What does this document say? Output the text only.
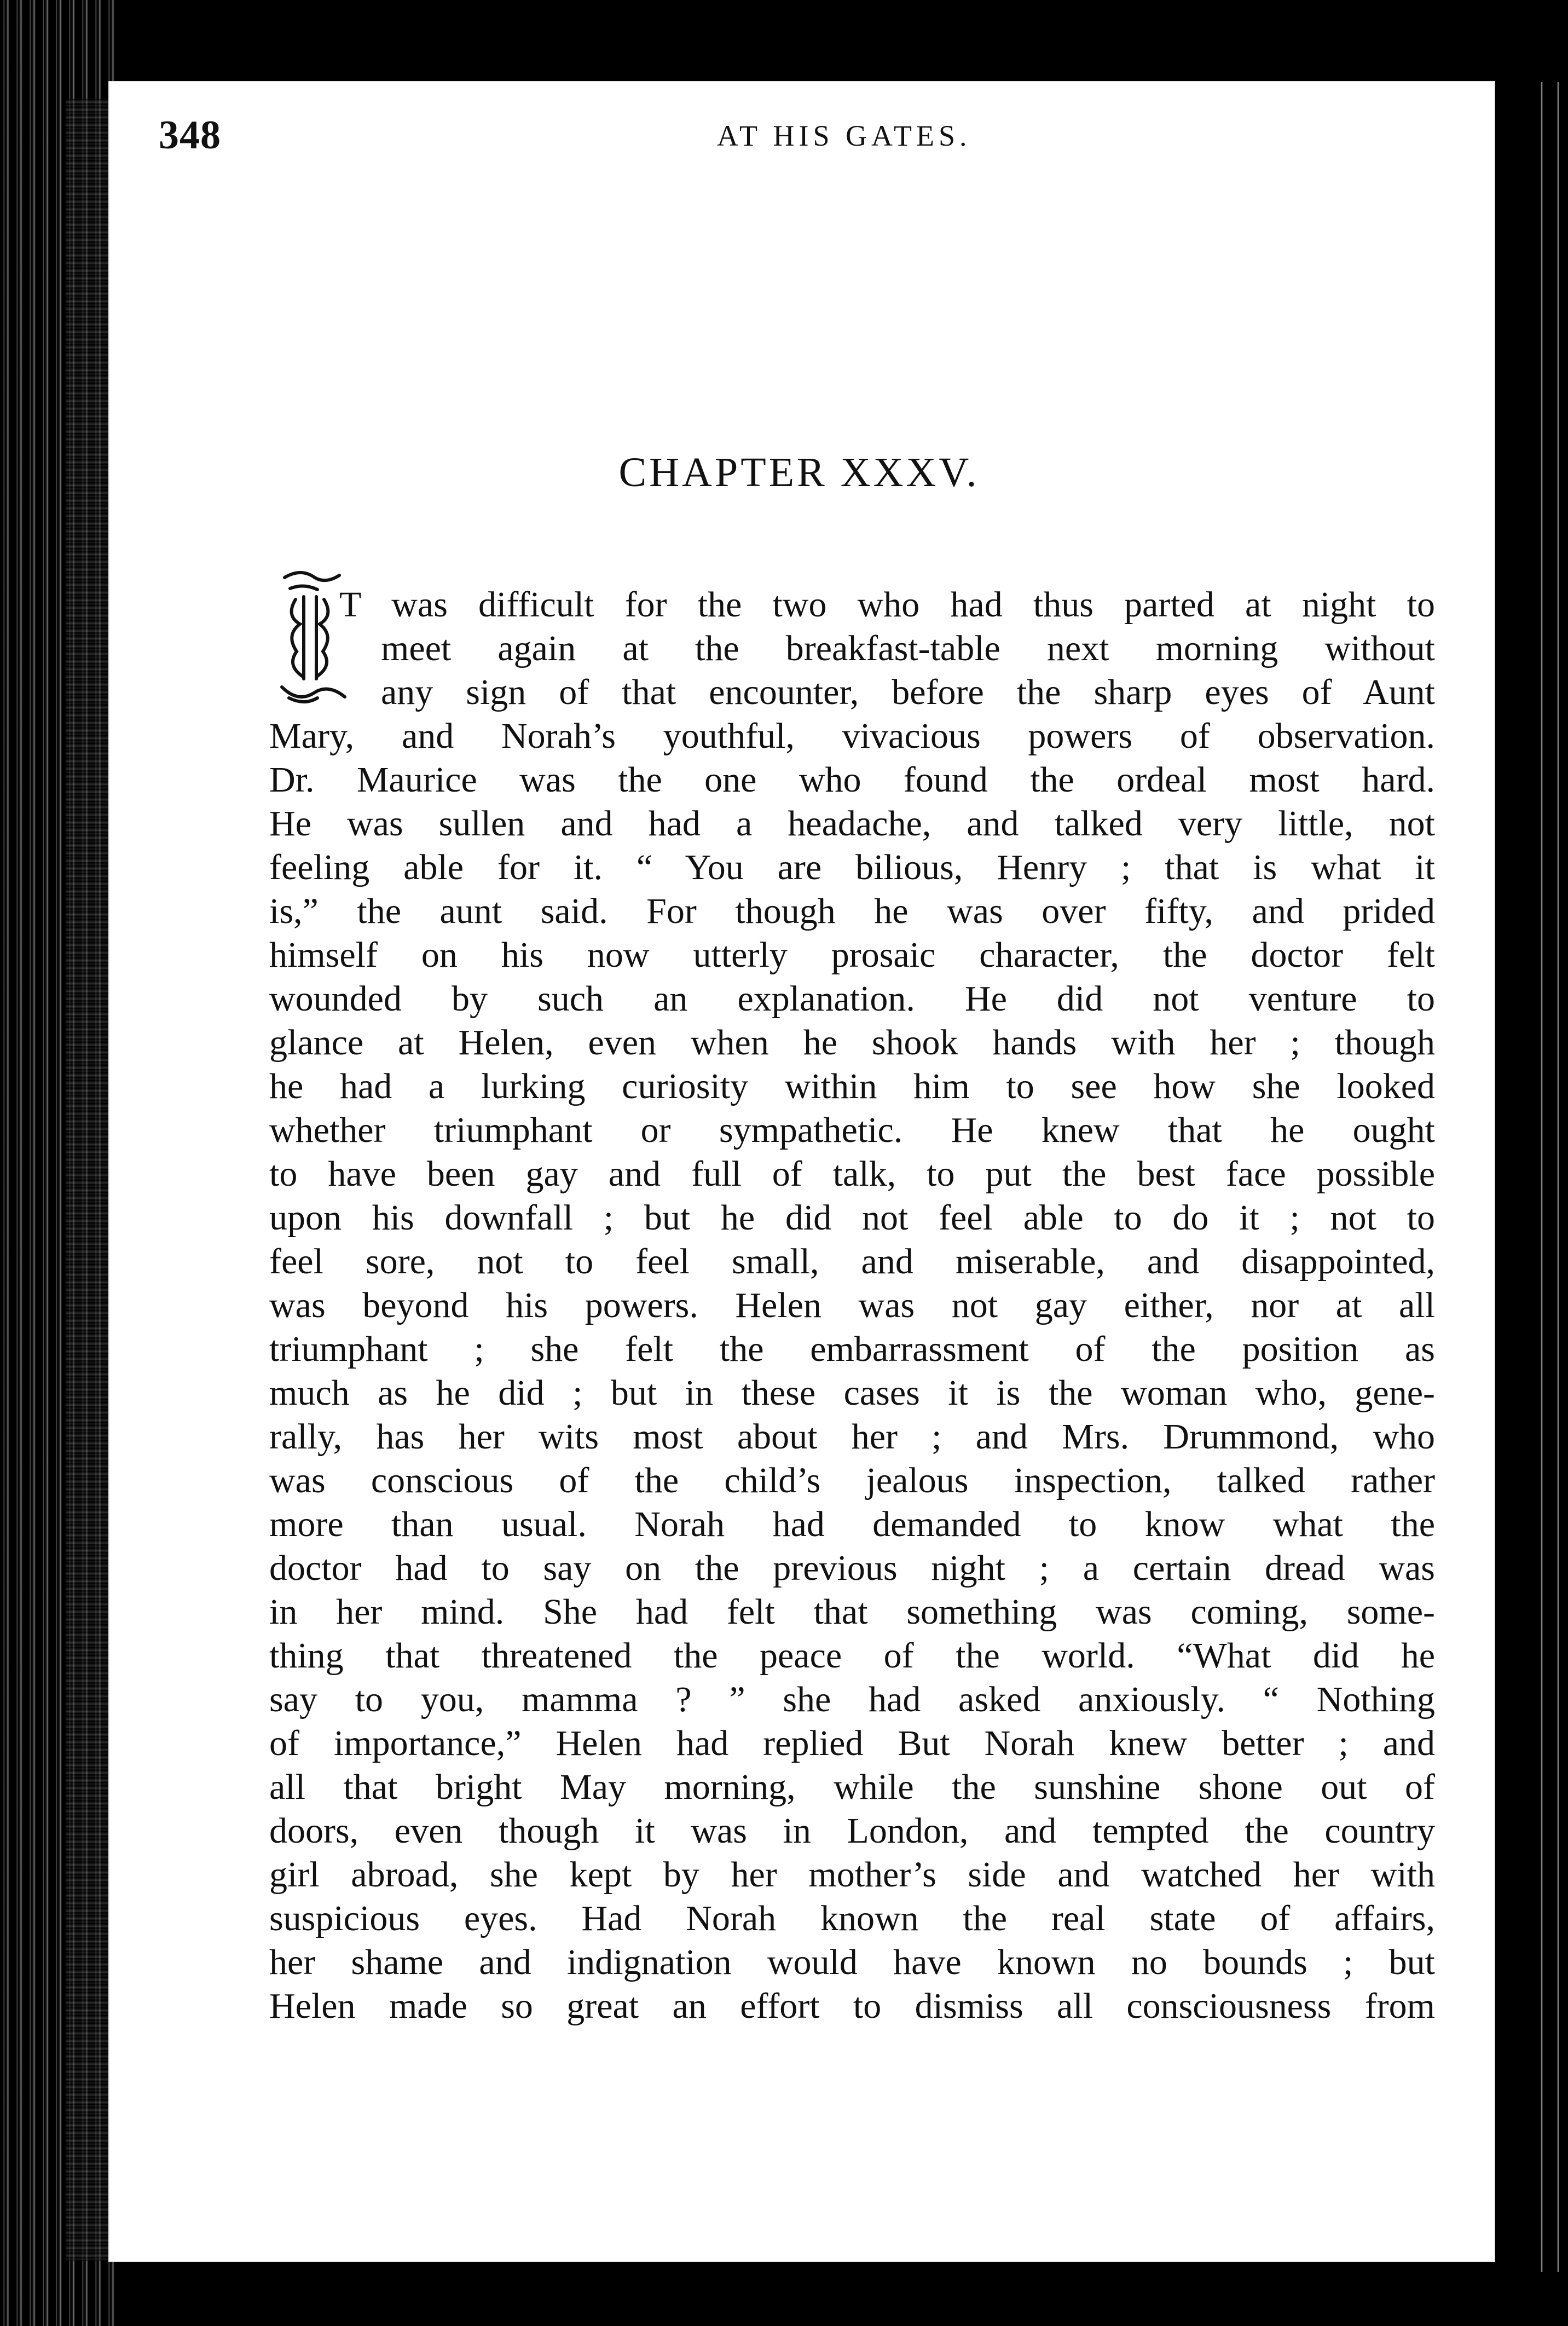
348	AT HIS GATES.
CHAPTER XXXV.
T was difficult for the two who had thus parted at night to
meet again at the breakfast-table next morning without
any sign of that encounter, before the sharp eyes of Aunt
Mary, and Norah’s youthful, vivacious powers of observation.
Dr. Maurice was the one who found the ordeal most hard.
He was sullen and had a headache, and talked very little, not
feeling able for it. “ You are bilious, Henry ; that is what it
is,” the aunt said. For though he was over fifty, and prided
himself on his now utterly prosaic character, the doctor felt
wounded by such an explanation. He did not venture to
glance at Helen, even when he shook hands with her ; though
he had a lurking curiosity within him to see how she looked
whether triumphant or sympathetic. He knew that he ought
to have been gay and full of talk, to put the best face possible
upon his downfall ; but he did not feel able to do it ; not to
feel sore, not to feel small, and miserable, and disappointed,
was beyond his powers. Helen was not gay either, nor at all
triumphant ; she felt the embarrassment of the position as
much as he did ; but in these cases it is the woman who, gene-
rally, has her wits most about her ; and Mrs. Drummond, who
was conscious of the child’s jealous inspection, talked rather
more than usual. Norah had demanded to know what the
doctor had to say on the previous night ; a certain dread was
in her mind. She had felt that something was coming, some-
thing that threatened the peace of the world. “What did he
say to you, mamma ? ” she had asked anxiously. “ Nothing
of importance,” Helen had replied But Norah knew better ; and
all that bright May morning, while the sunshine shone out of
doors, even though it was in London, and tempted the country
girl abroad, she kept by her mother’s side and watched her with
suspicious eyes. Had Norah known the real state of affairs,
her shame and indignation would have known no bounds ; but
Helen made so great an effort to dismiss all consciousness from
